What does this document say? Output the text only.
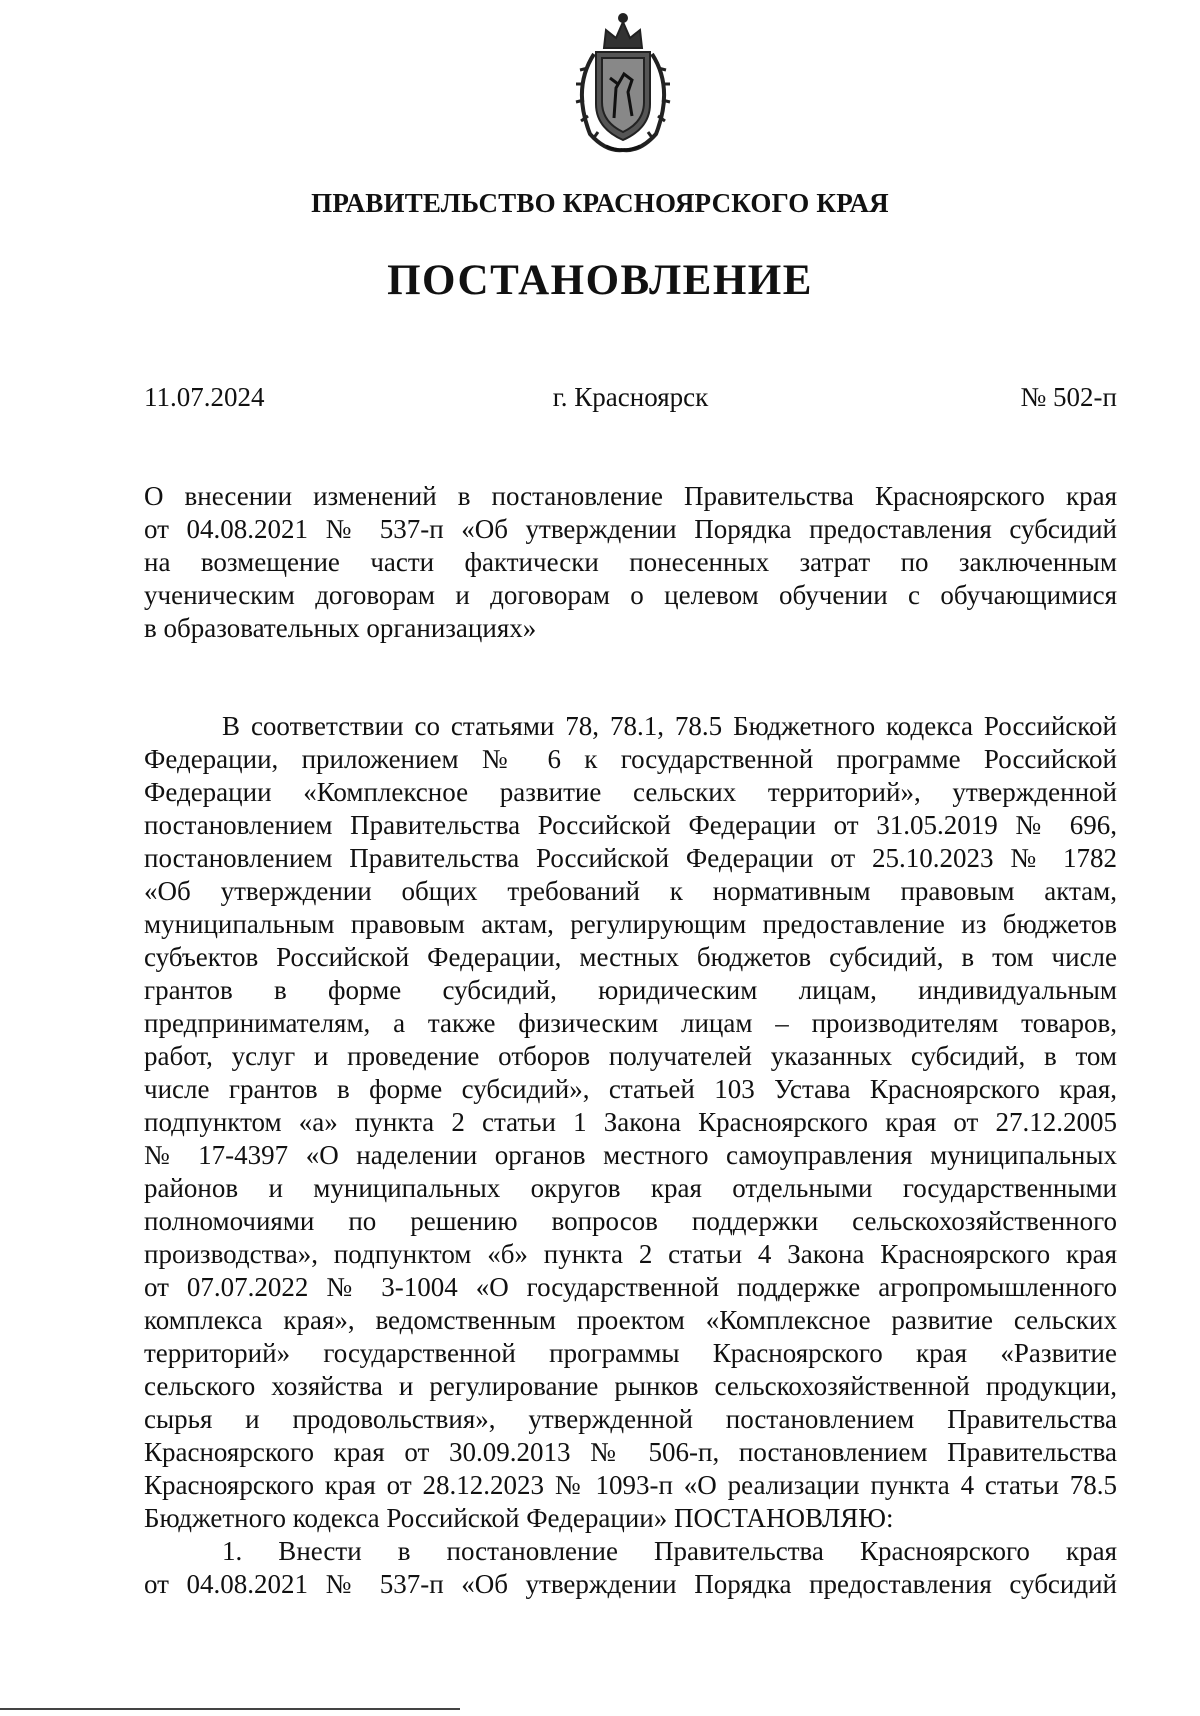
ПРАВИТЕЛЬСТВО КРАСНОЯРСКОГО КРАЯ
ПОСТАНОВЛЕНИЕ
г. Красноярск
11.07.2024	№ 502-п
О внесении изменений в постановление Правительства Красноярского края
от 04.08.2021 № 537-п «Об утверждении Порядка предоставления субсидий
на возмещение части фактически понесенных затрат по заключенным
ученическим договорам и договорам о целевом обучении с обучающимися
в образовательных организациях»
В соответствии со статьями 78, 78.1, 78.5 Бюджетного кодекса Российской
Федерации, приложением № 6 к государственной программе Российской
Федерации «Комплексное развитие сельских территорий», утвержденной
постановлением Правительства Российской Федерации от 31.05.2019 № 696,
постановлением Правительства Российской Федерации от 25.10.2023 № 1782
«Об утверждении общих требований к нормативным правовым актам,
муниципальным правовым актам, регулирующим предоставление из бюджетов
субъектов Российской Федерации, местных бюджетов субсидий, в том числе
грантов в форме субсидий, юридическим лицам, индивидуальным
предпринимателям, а также физическим лицам – производителям товаров,
работ, услуг и проведение отборов получателей указанных субсидий, в том
числе грантов в форме субсидий», статьей 103 Устава Красноярского края,
подпунктом «а» пункта 2 статьи 1 Закона Красноярского края от 27.12.2005
№ 17-4397 «О наделении органов местного самоуправления муниципальных
районов и муниципальных округов края отдельными государственными
полномочиями по решению вопросов поддержки сельскохозяйственного
производства», подпунктом «б» пункта 2 статьи 4 Закона Красноярского края
от 07.07.2022 № 3-1004 «О государственной поддержке агропромышленного
комплекса края», ведомственным проектом «Комплексное развитие сельских
территорий» государственной программы Красноярского края «Развитие
сельского хозяйства и регулирование рынков сельскохозяйственной продукции,
сырья и продовольствия», утвержденной постановлением Правительства
Красноярского края от 30.09.2013 № 506-п, постановлением Правительства
Красноярского края от 28.12.2023 № 1093-п «О реализации пункта 4 статьи 78.5
Бюджетного кодекса Российской Федерации» ПОСТАНОВЛЯЮ:
1. Внести в постановление Правительства Красноярского края
от 04.08.2021 № 537-п «Об утверждении Порядка предоставления субсидий
